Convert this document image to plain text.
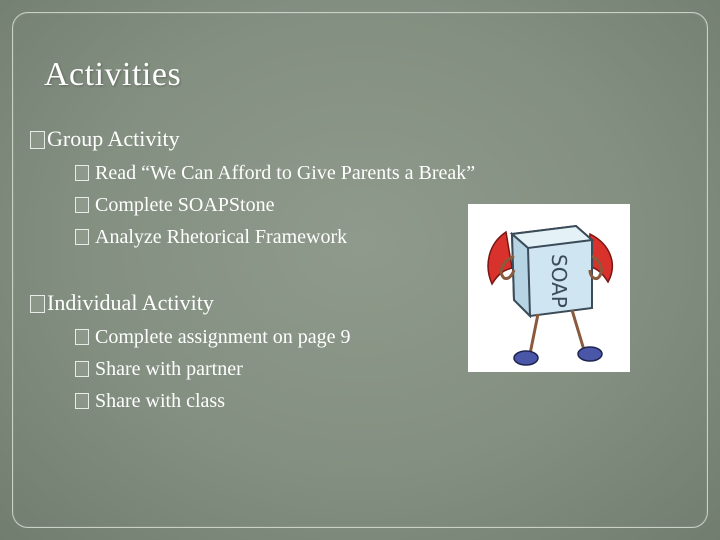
Activities
Group Activity
Read “We Can Afford to Give Parents a Break”
Complete SOAPStone
Analyze Rhetorical Framework
Individual Activity
Complete assignment on page 9
Share with partner
Share with class
SOAP
